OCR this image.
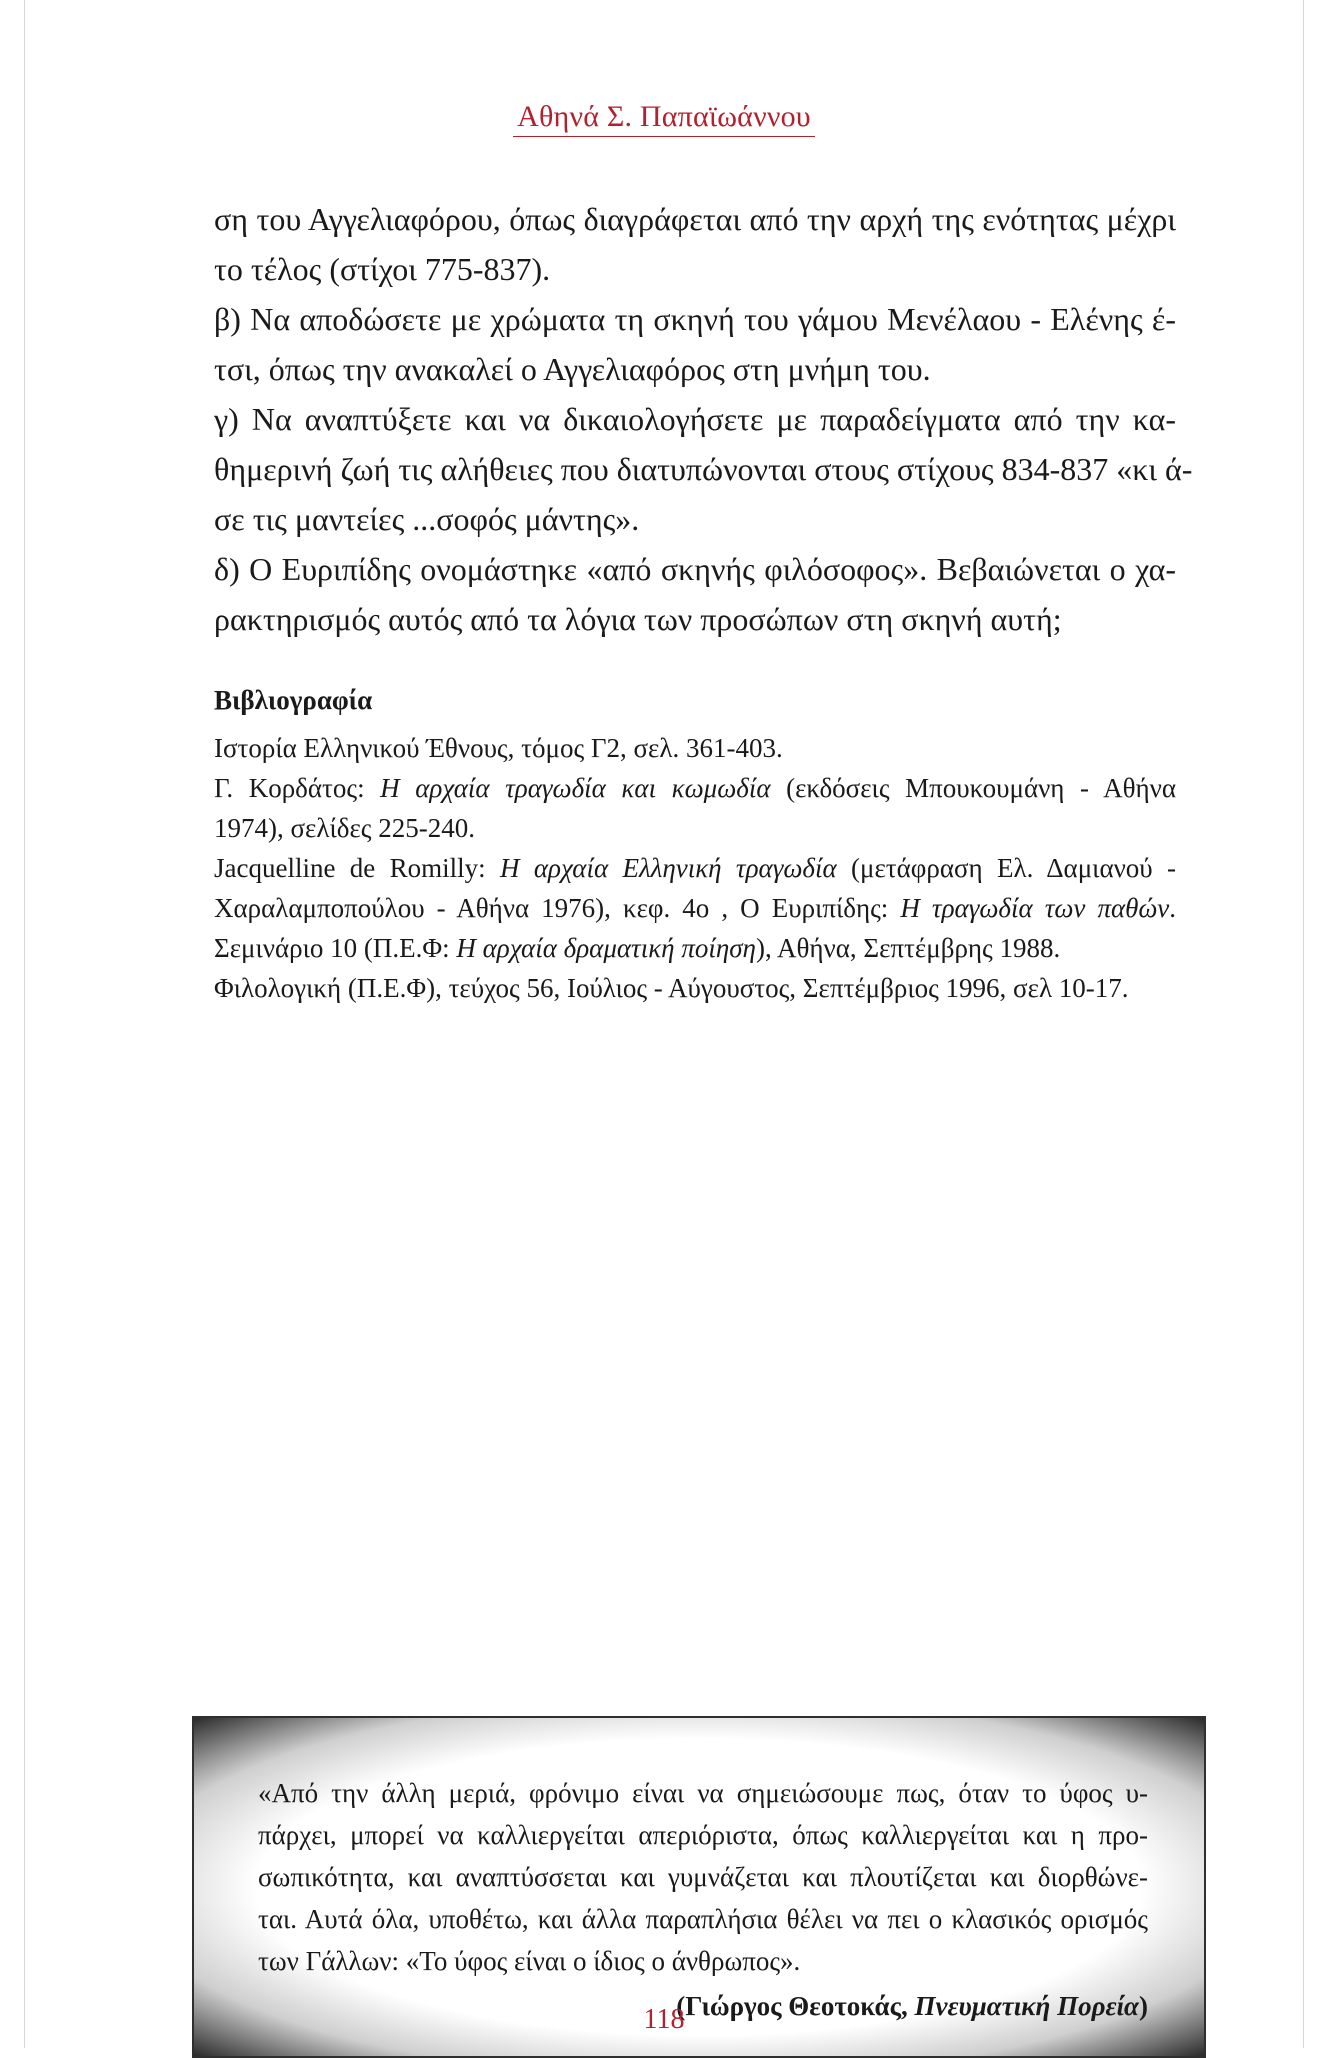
Αθηνά Σ. Παπαϊωάννου

ση του Αγγελιαφόρου, όπως διαγράφεται από την αρχή της ενότητας μέχρι

το τέλος (στίχοι 775-837).

β) Να αποδώσετε με χρώματα τη σκηνή του γάμου Μενέλαου - Ελένης έ-

τσι, όπως την ανακαλεί ο Αγγελιαφόρος στη μνήμη του.

γ) Να αναπτύξετε και να δικαιολογήσετε με παραδείγματα από την κα-

θημερινή ζωή τις αλήθειες που διατυπώνονται στους στίχους 834-837 «κι ά-

σε τις μαντείες ...σοφός μάντης».

δ) Ο Ευριπίδης ονομάστηκε «από σκηνής φιλόσοφος». Βεβαιώνεται ο χα-

ρακτηρισμός αυτός από τα λόγια των προσώπων στη σκηνή αυτή;

Βιβλιογραφία

Ιστορία Ελληνικού Έθνους, τόμος Γ2, σελ. 361-403.

Γ. Κορδάτος: Η αρχαία τραγωδία και κωμωδία (εκδόσεις Μπουκουμάνη - Αθήνα

1974), σελίδες 225-240.

Jacquelline de Romilly: Η αρχαία Ελληνική τραγωδία (μετάφραση Ελ. Δαμιανού -

Χαραλαμποπούλου - Αθήνα 1976), κεφ. 4ο , Ο Ευριπίδης: Η τραγωδία των παθών.

Σεμινάριο 10 (Π.Ε.Φ: Η αρχαία δραματική ποίηση), Αθήνα, Σεπτέμβρης 1988.

Φιλολογική (Π.Ε.Φ), τεύχος 56, Ιούλιος - Αύγουστος, Σεπτέμβριος 1996, σελ 10-17.

«Από την άλλη μεριά, φρόνιμο είναι να σημειώσουμε πως, όταν το ύφος υ-

πάρχει, μπορεί να καλλιεργείται απεριόριστα, όπως καλλιεργείται και η προ-

σωπικότητα, και αναπτύσσεται και γυμνάζεται και πλουτίζεται και διορθώνε-

ται. Αυτά όλα, υποθέτω, και άλλα παραπλήσια θέλει να πει ο κλασικός ορισμός

των Γάλλων: «Το ύφος είναι ο ίδιος ο άνθρωπος».

(Γιώργος Θεοτοκάς, Πνευματική Πορεία)

118
